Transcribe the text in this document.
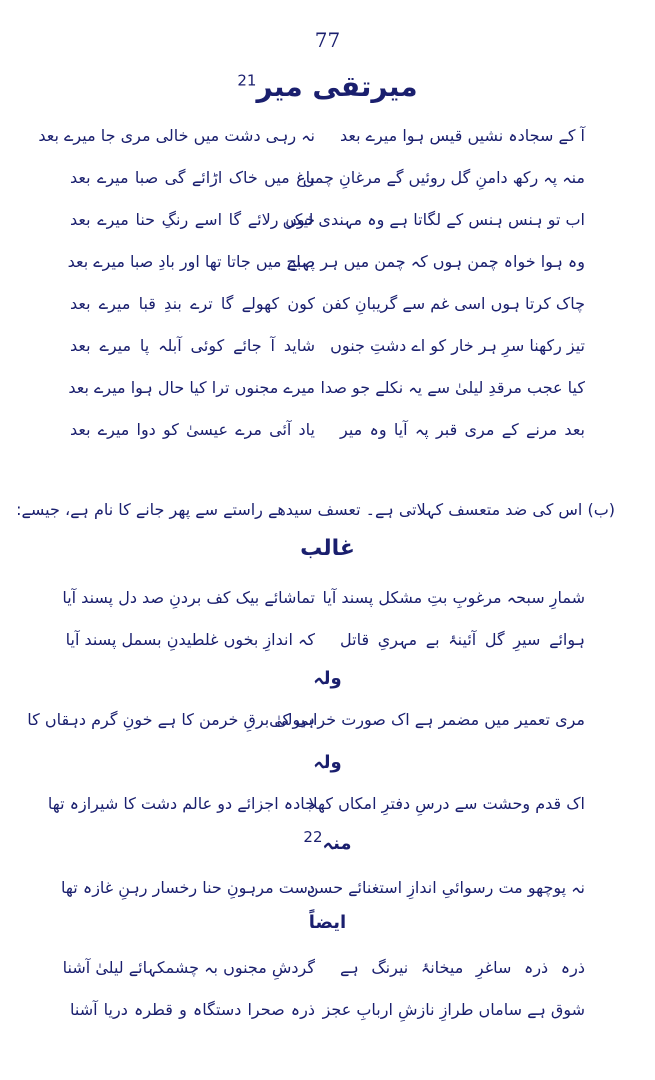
77
میرتقی میر$^{21}$
آ کے سجادہ نشیں قیس ہوا میرے بعد
نہ رہی دشت میں خالی مری جا میرے بعد
منہ پہ رکھ دامنِ گل روئیں گے مرغانِ چمن
باغ میں خاک اڑائے گی صبا میرے بعد
اب تو ہنس ہنس کے لگاتا ہے وہ مہندی لیکن
خوں رلائے گا اسے رنگِ حنا میرے بعد
وہ ہوا خواہ چمن ہوں کہ چمن میں ہر صبح
پہلے میں جاتا تھا اور بادِ صبا میرے بعد
چاک کرتا ہوں اسی غم سے گریبانِ کفن
کون کھولے گا ترے بندِ قبا میرے بعد
تیز رکھنا سرِ ہر خار کو اے دشتِ جنوں
شاید آ جائے کوئی آبلہ پا میرے بعد
کیا عجب مرقدِ لیلیٰ سے یہ نکلے جو صدا
میرے مجنوں ترا کیا حال ہوا میرے بعد
بعد مرنے کے مری قبر پہ آیا وہ میر
یاد آئی مرے عیسیٰ کو دوا میرے بعد
(ب) اس کی ضد متعسف کہلاتی ہے۔ تعسف سیدھے راستے سے پھر جانے کا نام ہے، جیسے:
غالب
شمارِ سبحہ مرغوبِ بتِ مشکل پسند آیا
تماشائے بیک کف بردنِ صد دل پسند آیا
ہوائے سیرِ گل آئینۂ بے مہریِ قاتل
کہ اندازِ بخوں غلطیدنِ بسمل پسند آیا
ولہ
مری تعمیر میں مضمر ہے اک صورت خرابی کی
ہیولیٰ برقِ خرمن کا ہے خونِ گرم دہقاں کا
ولہ
اک قدم وحشت سے درسِ دفترِ امکاں کھلا
جادہ اجزائے دو عالم دشت کا شیرازہ تھا
منہ$^{22}$
نہ پوچھو مت رسوائیِ اندازِ استغنائے حسن
دست مرہونِ حنا رخسار رہنِ غازہ تھا
ایضاً
ذرہ ذرہ ساغرِ میخانۂ نیرنگ ہے
گردشِ مجنوں بہ چشمکہائے لیلیٰ آشنا
شوق ہے ساماں طرازِ نازشِ اربابِ عجز
ذرہ صحرا دستگاہ و قطرہ دریا آشنا
